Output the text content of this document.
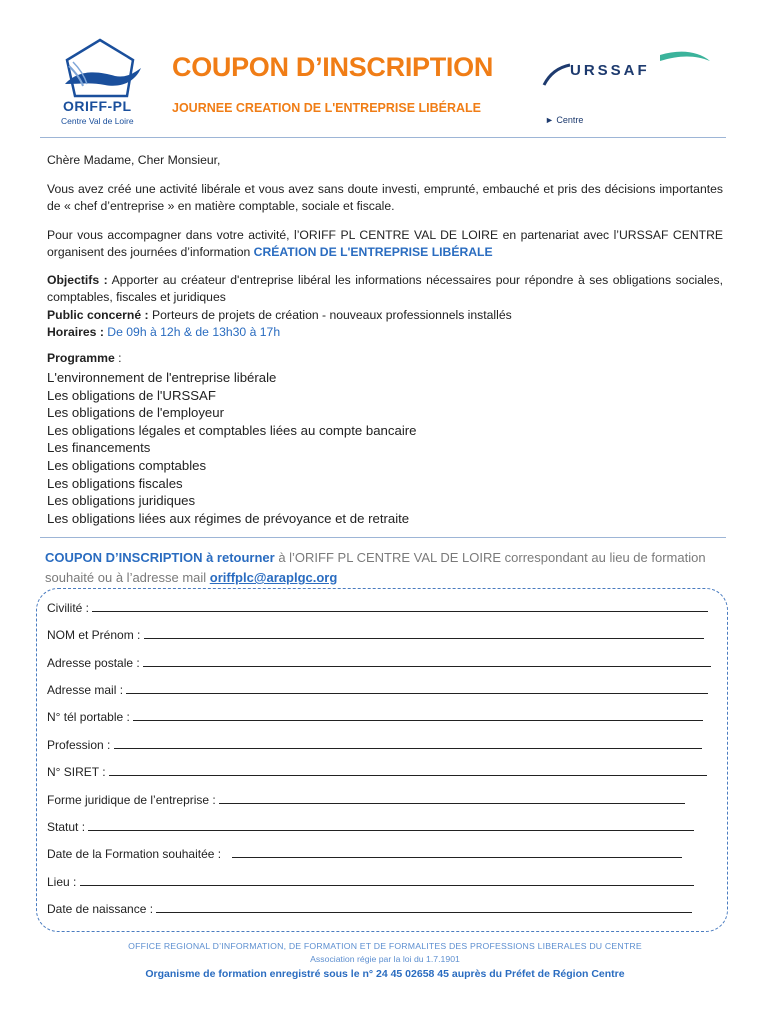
ORIFF-PL
Centre Val de Loire
COUPON D’INSCRIPTION
JOURNEE CREATION DE L'ENTREPRISE LIBÉRALE
URSSAF
► Centre
Chère Madame, Cher Monsieur,
Vous avez créé une activité libérale et vous avez sans doute investi, emprunté, embauché et pris des décisions importantes de « chef d’entreprise » en matière comptable, sociale et fiscale.
Pour vous accompagner dans votre activité, l’ORIFF PL CENTRE VAL DE LOIRE en partenariat avec l’URSSAF CENTRE organisent des journées d’information CRÉATION DE L'ENTREPRISE LIBÉRALE
Objectifs : Apporter au créateur d'entreprise libéral les informations nécessaires pour répondre à ses obligations sociales, comptables, fiscales et juridiques
Public concerné : Porteurs de projets de création - nouveaux professionnels installés
Horaires : De 09h à 12h & de 13h30 à 17h
Programme :
L'environnement de l'entreprise libérale
Les obligations de l'URSSAF
Les obligations de l'employeur
Les obligations légales et comptables liées au compte bancaire
Les financements
Les obligations comptables
Les obligations fiscales
Les obligations juridiques
Les obligations liées aux régimes de prévoyance et de retraite
COUPON D’INSCRIPTION à retourner à l’ORIFF PL CENTRE VAL DE LOIRE correspondant au lieu de formation souhaité ou à l’adresse mail oriffplc@araplgc.org
Civilité :
NOM et Prénom :
Adresse postale :
Adresse mail :
N° tél portable :
Profession :
N° SIRET :
Forme juridique de l’entreprise :
Statut :
Date de la Formation souhaitée :
Lieu :
Date de naissance :
OFFICE REGIONAL D’INFORMATION, DE FORMATION ET DE FORMALITES DES PROFESSIONS LIBERALES DU CENTRE
Association régie par la loi du 1.7.1901
Organisme de formation enregistré sous le n° 24 45 02658 45 auprès du Préfet de Région Centre
